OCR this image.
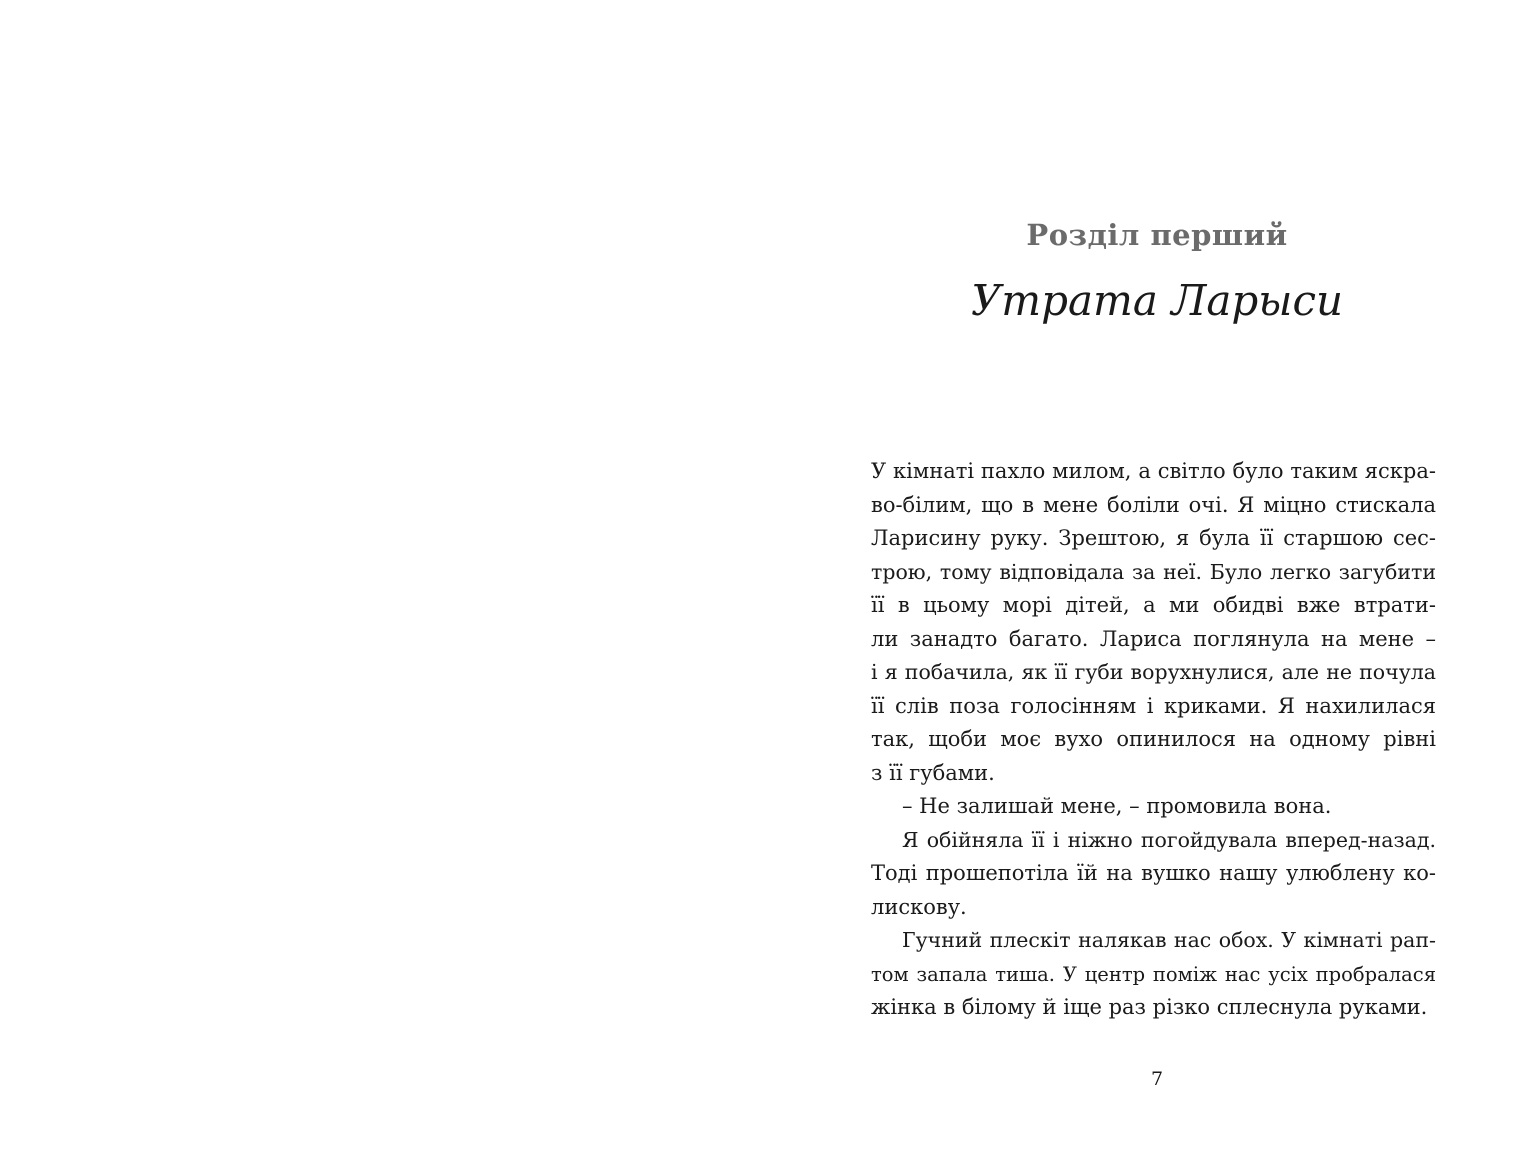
Розділ перший
Утрата Ларыси
У кімнаті пахло милом, а світло було таким яскра-
во-білим, що в мене боліли очі. Я міцно стискала
Ларисину руку. Зрештою, я була її старшою сес-
трою, тому відповідала за неї. Було легко загубити
її в цьому морі дітей, а ми обидві вже втрати-
ли занадто багато. Лариса поглянула на мене –
і я побачила, як її губи ворухнулися, але не почула
її слів поза голосінням і криками. Я нахилилася
так, щоби моє вухо опинилося на одному рівні
з її губами.
– Не залишай мене, – промовила вона.
Я обійняла її і ніжно погойдувала вперед-назад.
Тоді прошепотіла їй на вушко нашу улюблену ко-
лискову.
Гучний плескіт налякав нас обох. У кімнаті рап-
том запала тиша. У центр поміж нас усіх пробралася
жінка в білому й іще раз різко сплеснула руками.
7
